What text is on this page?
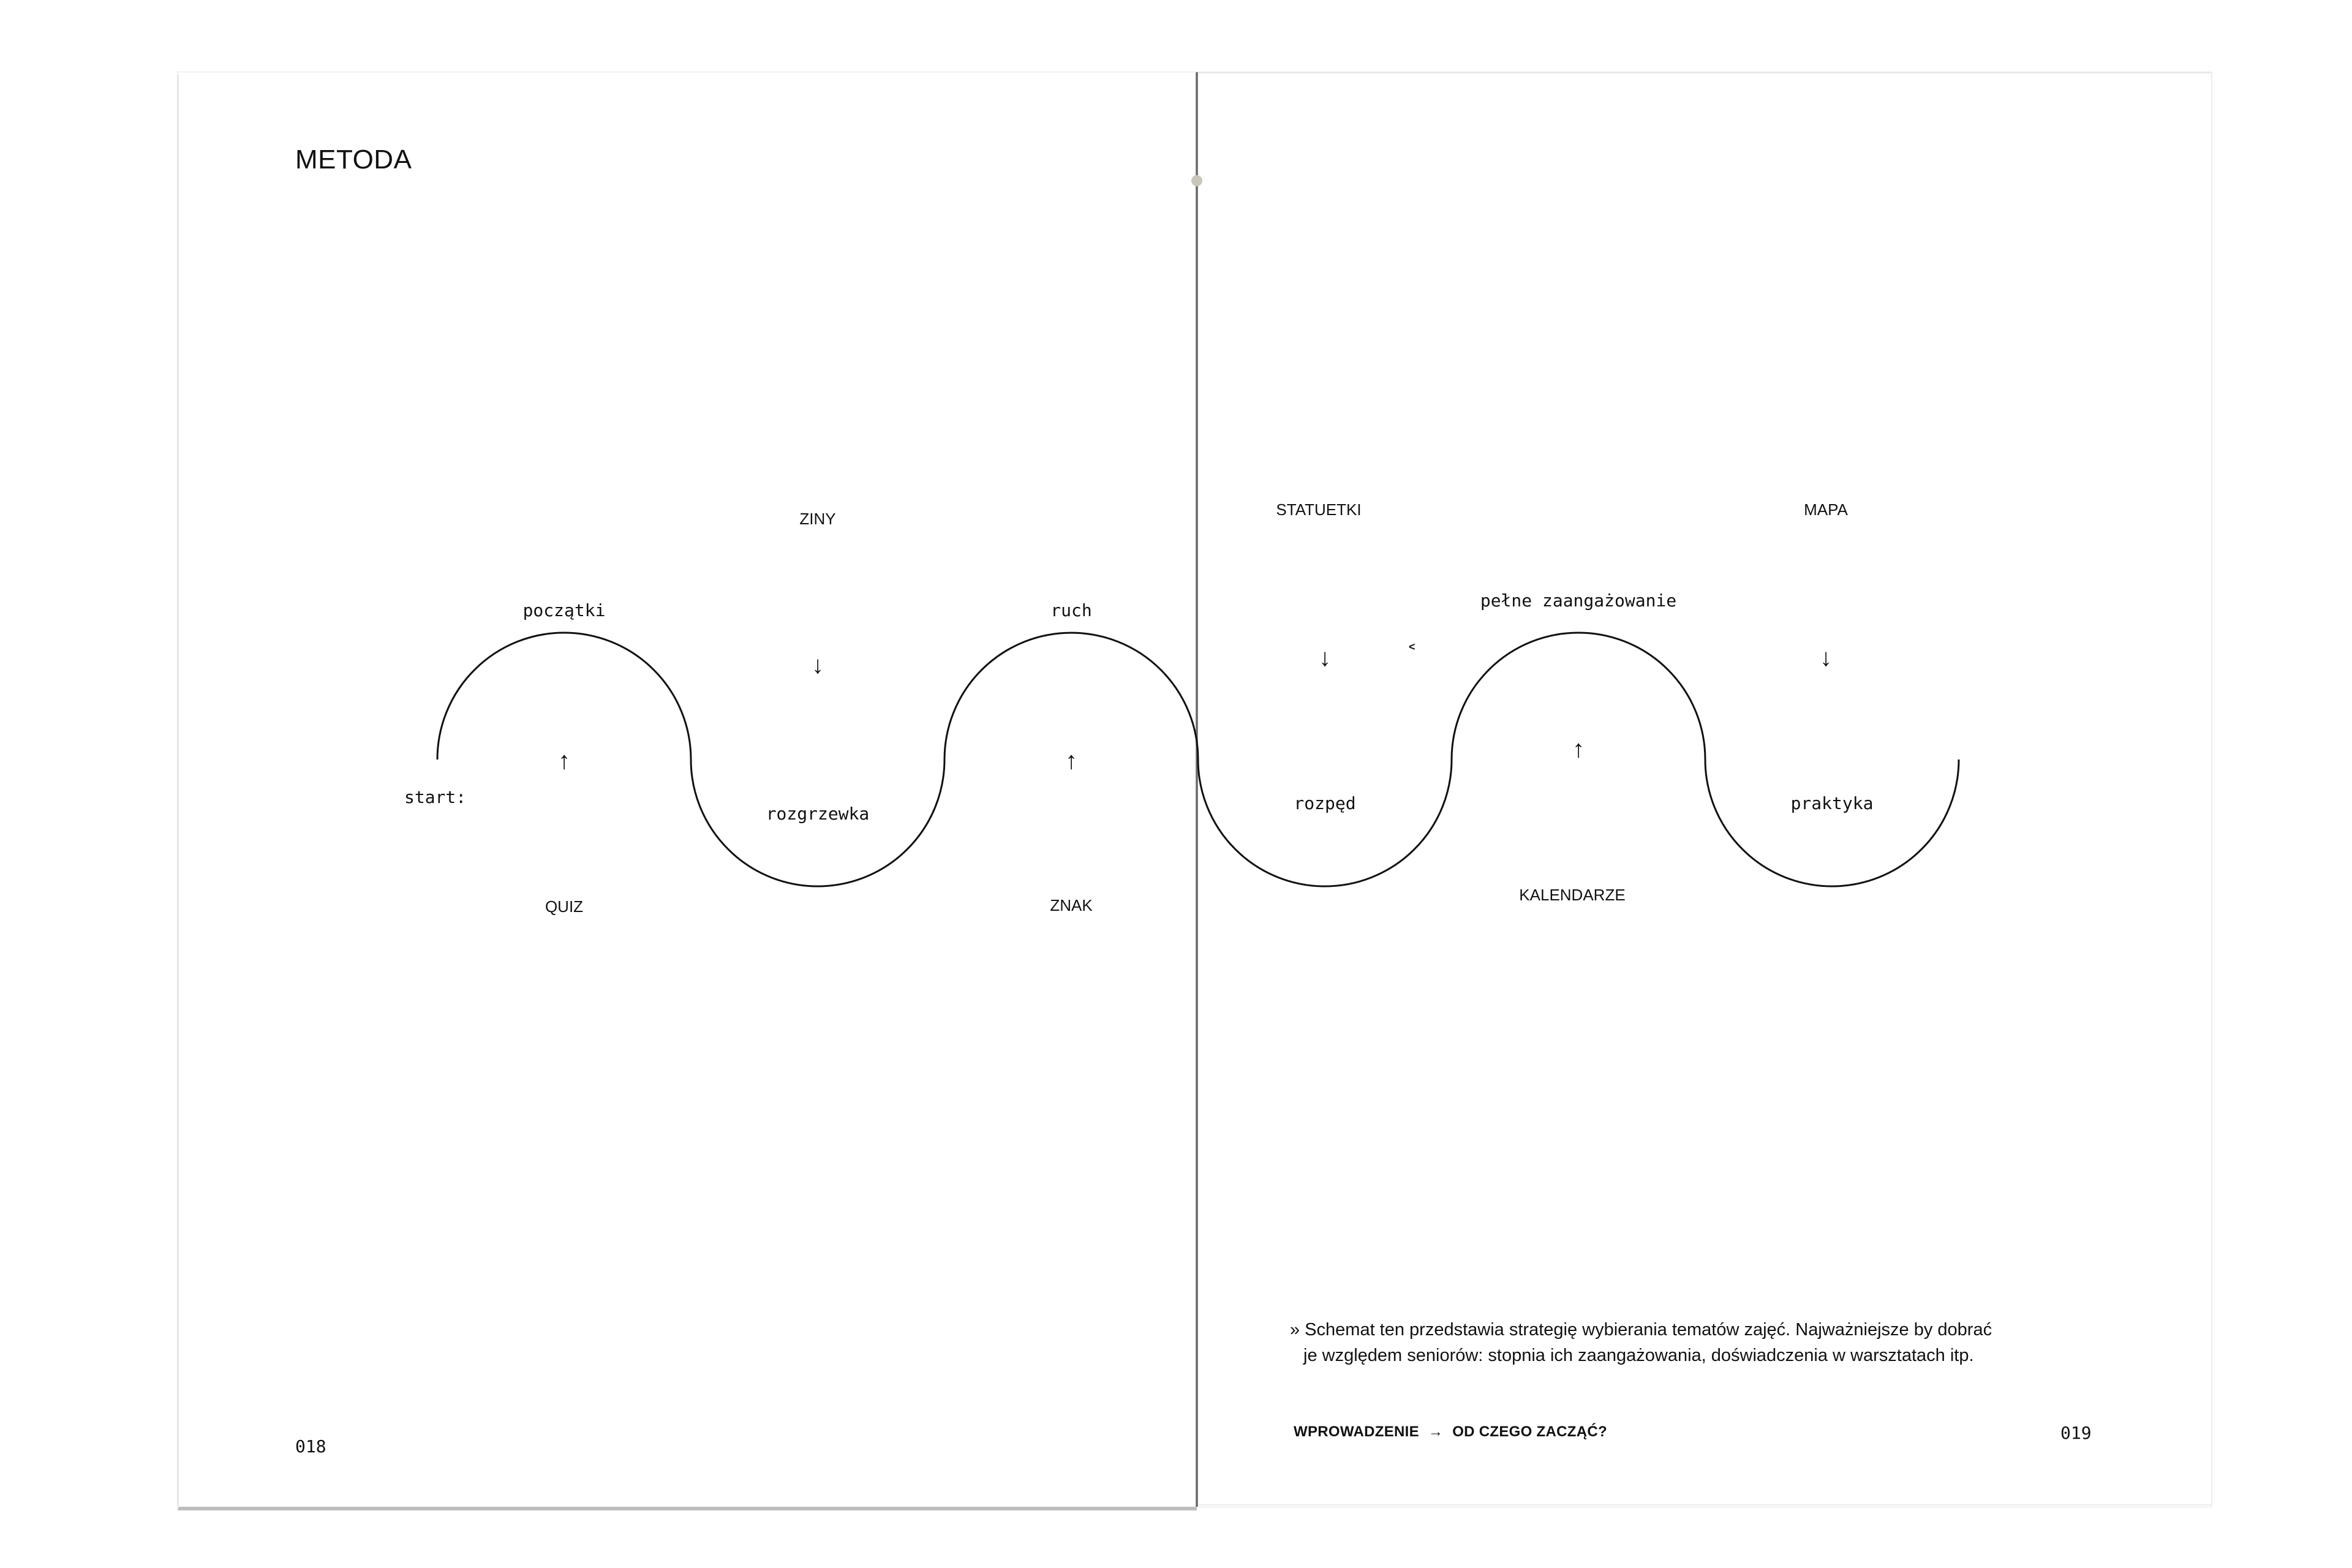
METODA
start:
początki
rozgrzewka
ruch
rozpęd
pełne zaangażowanie
praktyka
QUIZ
ZINY
ZNAK
STATUETKI
KALENDARZE
MAPA
↑
↓
↑
↓
↑
↓
<
» Schemat ten przedstawia strategię wybierania tematów zajęć. Najważniejsze by dobrać
je względem seniorów: stopnia ich zaangażowania, doświadczenia w warsztatach itp.
018
WPROWADZENIE → OD CZEGO ZACZĄĆ?	019
